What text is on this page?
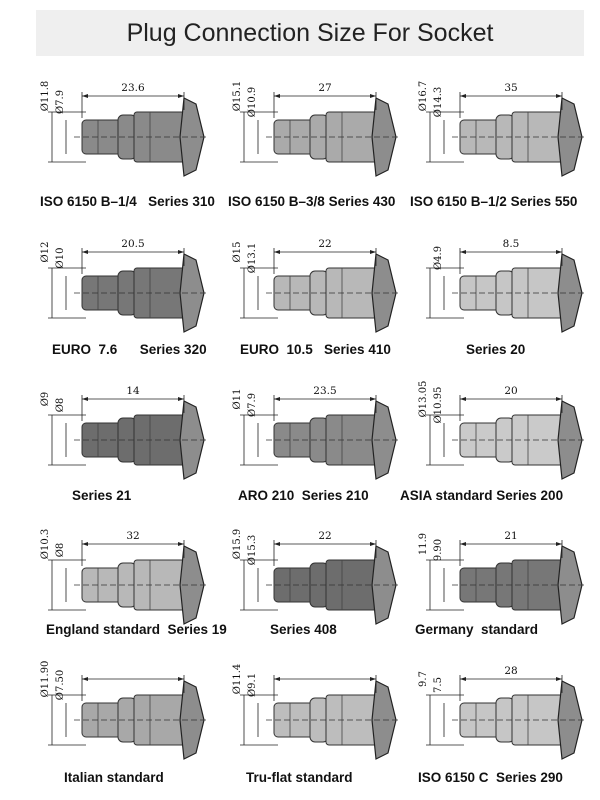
Plug Connection Size For Socket
23.6
Ø11.8 Ø7.9
ISO 6150 B–1/4   Series 310
27
Ø15.1 Ø10.9
ISO 6150 B–3/8 Series 430
35
Ø16.7 Ø14.3
ISO 6150 B–1/2 Series 550
20.5
Ø12 Ø10
EURO  7.6      Series 320
22
Ø15 Ø13.1
EURO  10.5   Series 410
8.5
Ø4.9
Series 20
14
Ø9 Ø8
Series 21
23.5
Ø11 Ø7.9
ARO 210  Series 210
20
Ø13.05 Ø10.95
ASIA standard Series 200
32
Ø10.3 Ø8
England standard  Series 19
22
Ø15.9 Ø15.3
Series 408
21
11.9 9.90
Germany  standard
Ø11.90 Ø7.50
Italian standard
Ø11.4 Ø9.1
Tru-flat standard
28
9.7 7.5
ISO 6150 C  Series 290
